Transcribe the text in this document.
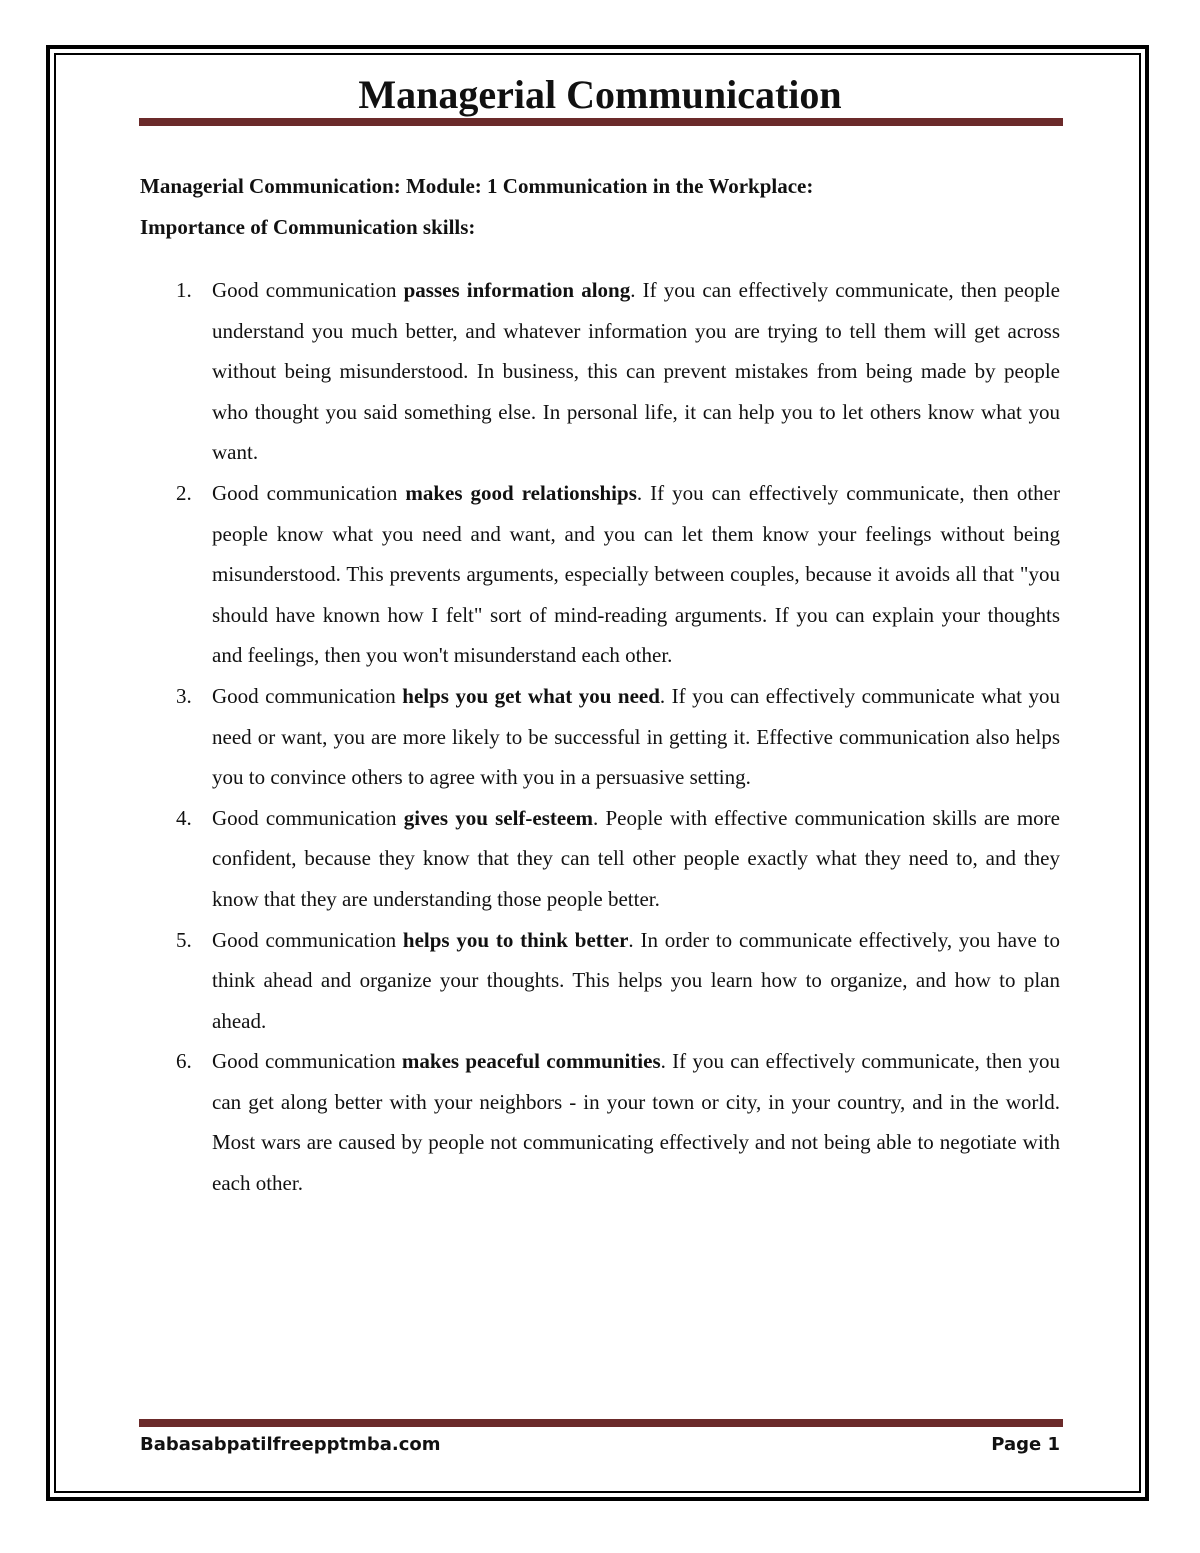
Managerial Communication

Managerial Communication: Module: 1 Communication in the Workplace:

Importance of Communication skills:

1. Good communication passes information along. If you can effectively communicate, then people understand you much better, and whatever information you are trying to tell them will get across without being misunderstood. In business, this can prevent mistakes from being made by people who thought you said something else. In personal life, it can help you to let others know what you want.
2. Good communication makes good relationships. If you can effectively communicate, then other people know what you need and want, and you can let them know your feelings without being misunderstood. This prevents arguments, especially between couples, because it avoids all that "you should have known how I felt" sort of mind-reading arguments. If you can explain your thoughts and feelings, then you won't misunderstand each other.
3. Good communication helps you get what you need. If you can effectively communicate what you need or want, you are more likely to be successful in getting it. Effective communication also helps you to convince others to agree with you in a persuasive setting.
4. Good communication gives you self-esteem. People with effective communication skills are more confident, because they know that they can tell other people exactly what they need to, and they know that they are understanding those people better.
5. Good communication helps you to think better. In order to communicate effectively, you have to think ahead and organize your thoughts. This helps you learn how to organize, and how to plan ahead.
6. Good communication makes peaceful communities. If you can effectively communicate, then you can get along better with your neighbors - in your town or city, in your country, and in the world. Most wars are caused by people not communicating effectively and not being able to negotiate with each other.
Babasabpatilfreepptmba.com	Page 1
